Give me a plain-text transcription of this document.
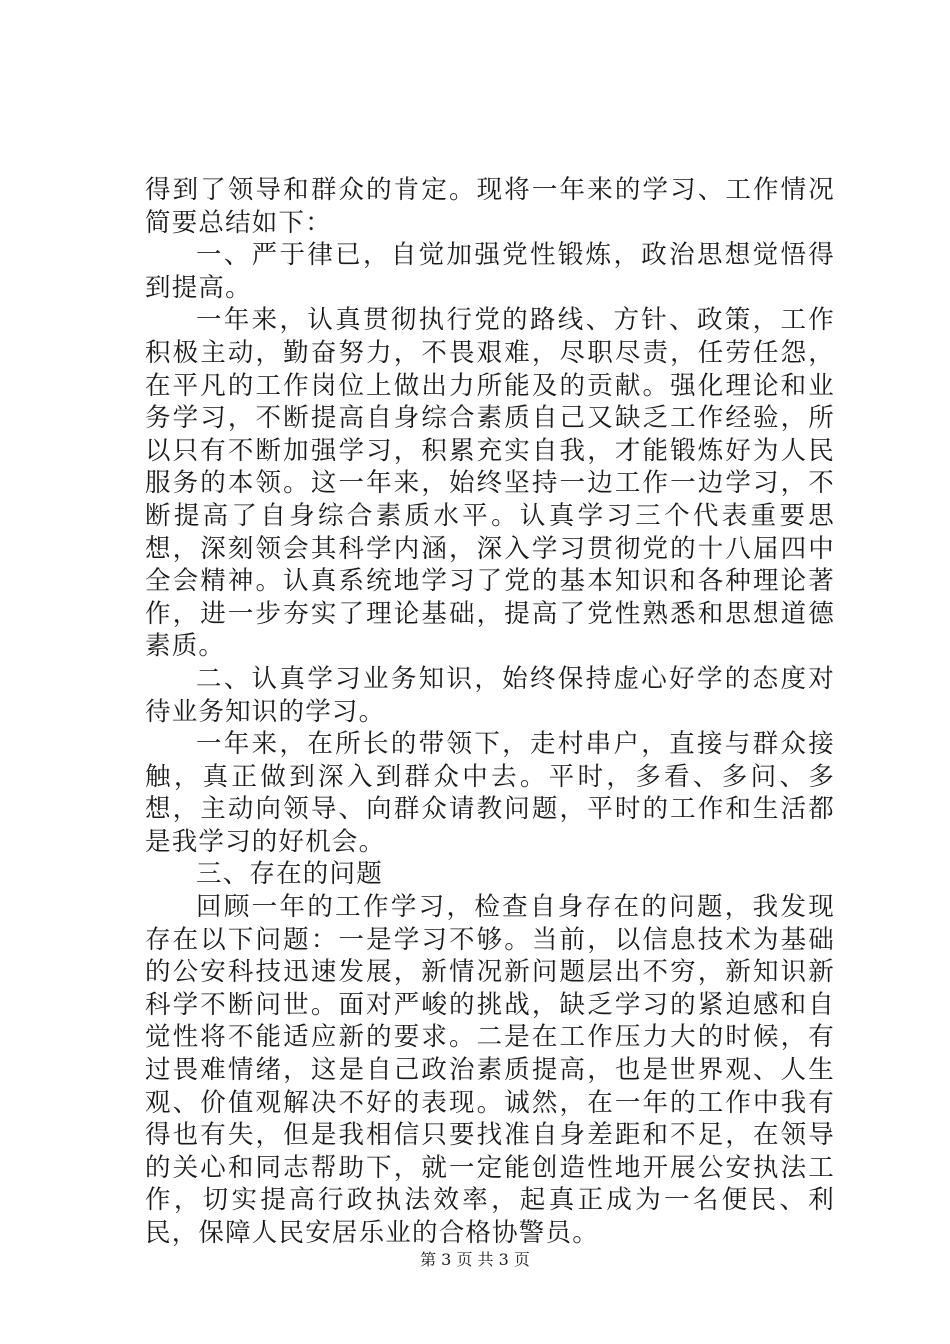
得到了领导和群众的肯定。现将一年来的学习、工作情况简要总结如下：

一、严于律已，自觉加强党性锻炼，政治思想觉悟得到提高。

一年来，认真贯彻执行党的路线、方针、政策，工作积极主动，勤奋努力，不畏艰难，尽职尽责，任劳任怨，在平凡的工作岗位上做出力所能及的贡献。强化理论和业务学习，不断提高自身综合素质自己又缺乏工作经验，所以只有不断加强学习，积累充实自我，才能锻炼好为人民服务的本领。这一年来，始终坚持一边工作一边学习，不断提高了自身综合素质水平。认真学习三个代表重要思想，深刻领会其科学内涵，深入学习贯彻党的十八届四中全会精神。认真系统地学习了党的基本知识和各种理论著作，进一步夯实了理论基础，提高了党性熟悉和思想道德素质。

二、认真学习业务知识，始终保持虚心好学的态度对待业务知识的学习。

一年来，在所长的带领下，走村串户，直接与群众接触，真正做到深入到群众中去。平时，多看、多问、多想，主动向领导、向群众请教问题，平时的工作和生活都是我学习的好机会。

三、存在的问题

回顾一年的工作学习，检查自身存在的问题，我发现存在以下问题：一是学习不够。当前，以信息技术为基础的公安科技迅速发展，新情况新问题层出不穷，新知识新科学不断问世。面对严峻的挑战，缺乏学习的紧迫感和自觉性将不能适应新的要求。二是在工作压力大的时候，有过畏难情绪，这是自己政治素质提高，也是世界观、人生观、价值观解决不好的表现。诚然，在一年的工作中我有得也有失，但是我相信只要找准自身差距和不足，在领导的关心和同志帮助下，就一定能创造性地开展公安执法工作，切实提高行政执法效率，起真正成为一名便民、利民，保障人民安居乐业的合格协警员。

第 3 页 共 3 页
